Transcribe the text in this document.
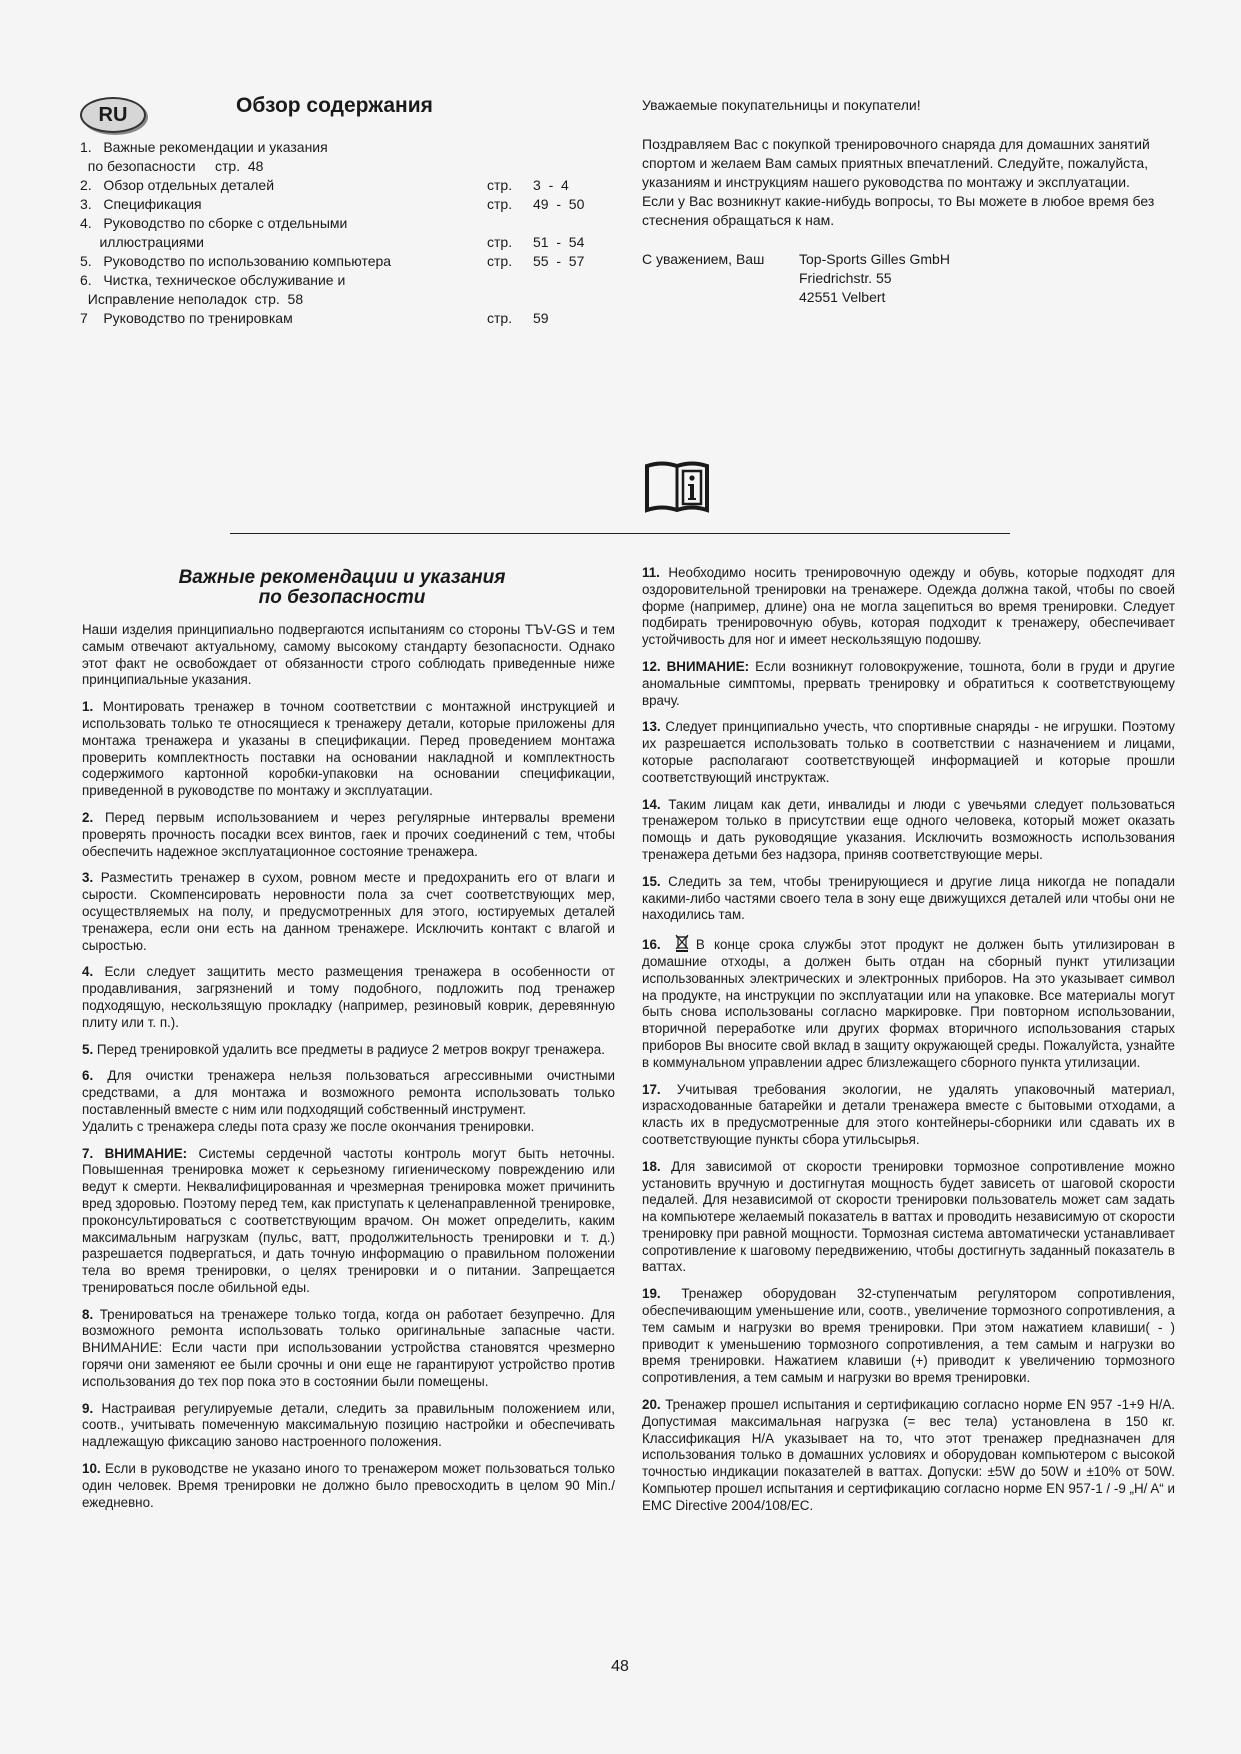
RU	Обзор содержания
1.   Важные рекомендации и указания
по безопасности     стр.  48
2.   Обзор отдельных деталей	стр. 3  -  4
3.   Спецификация	стр. 49  -  50
4.   Руководство по сборке с отдельными
иллюстрациями	стр. 51  -  54
5.   Руководство по использованию компьютера	стр. 55  -  57
6.   Чистка, техническое обслуживание и
Исправление неполадок  стр.  58
7    Руководство по тренировкам	стр. 59

Уважаемые покупательницы и покупатели!

Поздравляем Вас с покупкой тренировочного снаряда для домашних занятий спортом и желаем Вам самых приятных впечатлений. Следуйте, пожалуйста, указаниям и инструкциям нашего руководства по монтажу и эксплуатации. Если у Вас возникнут какие-нибудь вопросы, то Вы можете в любое время без стеснения обращаться к нам.

С уважением, Ваш Top-Sports Gilles GmbH
Friedrichstr. 55
42551 Velbert
Важные рекомендации и указания
по безопасности

Наши изделия принципиально подвергаются испытаниям со стороны TЪV-GS и тем самым отвечают актуальному, самому высокому стандарту безопасности. Однако этот факт не освобождает от обязанности строго соблюдать приведенные ниже принципиальные указания.

1. Монтировать тренажер в точном соответствии с монтажной инструкцией и использовать только те относящиеся к тренажеру детали, которые приложены для монтажа тренажера и указаны в спецификации. Перед проведением монтажа проверить комплектность поставки на основании накладной и комплектность содержимого картонной коробки-упаковки на основании спецификации, приведенной в руководстве по монтажу и эксплуатации.

2. Перед первым использованием и через регулярные интервалы времени проверять прочность посадки всех винтов, гаек и прочих соединений с тем, чтобы обеспечить надежное эксплуатационное состояние тренажера.

3. Разместить тренажер в сухом, ровном месте и предохранить его от влаги и сырости. Скомпенсировать неровности пола за счет соответствующих мер, осуществляемых на полу, и предусмотренных для этого, юстируемых деталей тренажера, если они есть на данном тренажере. Исключить контакт с влагой и сыростью.

4. Если следует защитить место размещения тренажера в особенности от продавливания, загрязнений и тому подобного, подложить под тренажер подходящую, нескользящую прокладку (например, резиновый коврик, деревянную плиту или т. п.).

5. Перед тренировкой удалить все предметы в радиусе 2 метров вокруг тренажера.

6. Для очистки тренажера нельзя пользоваться агрессивными очистными средствами, а для монтажа и возможного ремонта использовать только поставленный вместе с ним или подходящий собственный инструмент.

Удалить с тренажера следы пота сразу же после окончания тренировки.

7. ВНИМАНИЕ: Системы сердечной частоты контроль могут быть неточны. Повышенная тренировка может к серьезному гигиеническому повреждению или ведут к смерти. Неквалифицированная и чрезмерная тренировка может причинить вред здоровью. Поэтому перед тем, как приступать к целенаправленной тренировке, проконсультироваться с соответствующим врачом. Он может определить, каким максимальным нагрузкам (пульс, ватт, продолжительность тренировки и т. д.) разрешается подвергаться, и дать точную информацию о правильном положении тела во время тренировки, о целях тренировки и о питании. Запрещается тренироваться после обильной еды.

8. Тренироваться на тренажере только тогда, когда он работает безупречно. Для возможного ремонта использовать только оригинальные запасные части. ВНИМАНИЕ: Если части при использовании устройства становятся чрезмерно горячи они заменяют ее были срочны и они еще не гарантируют устройство против использования до тех пор пока это в состоянии были помещены.

9. Настраивая регулируемые детали, следить за правильным положением или, соотв., учитывать помеченную максимальную позицию настройки и обеспечивать надлежащую фиксацию заново настроенного положения.

10. Если в руководстве не указано иного то тренажером может пользоваться только один человек. Время тренировки не должно было превосходить в целом 90 Min./ежедневно.

11. Необходимо носить тренировочную одежду и обувь, которые подходят для оздоровительной тренировки на тренажере. Одежда должна такой, чтобы по своей форме (например, длине) она не могла зацепиться во время тренировки. Следует подбирать тренировочную обувь, которая подходит к тренажеру, обеспечивает устойчивость для ног и имеет нескользящую подошву.

12. ВНИМАНИЕ: Если возникнут головокружение, тошнота, боли в груди и другие аномальные симптомы, прервать тренировку и обратиться к соответствующему врачу.

13. Следует принципиально учесть, что спортивные снаряды - не игрушки. Поэтому их разрешается использовать только в соответствии с назначением и лицами, которые располагают соответствующей информацией и которые прошли соответствующий инструктаж.

14. Таким лицам как дети, инвалиды и люди с увечьями следует пользоваться тренажером только в присутствии еще одного человека, который может оказать помощь и дать руководящие указания. Исключить возможность использования тренажера детьми без надзора, приняв соответствующие меры.

15. Следить за тем, чтобы тренирующиеся и другие лица никогда не попадали какими-либо частями своего тела в зону еще движущихся деталей или чтобы они не находились там.

16.	В конце срока службы этот продукт не должен быть утилизирован в домашние отходы, а должен быть отдан на сборный пункт утилизации использованных электрических и электронных приборов. На это указывает символ на продукте, на инструкции по эксплуатации или на упаковке. Все материалы могут быть снова использованы согласно маркировке. При повторном использовании, вторичной переработке или других формах вторичного использования старых приборов Вы вносите свой вклад в защиту окружающей среды. Пожалуйста, узнайте в коммунальном управлении адрес близлежащего сборного пункта утилизации.

17. Учитывая требования экологии, не удалять упаковочный материал, израсходованные батарейки и детали тренажера вместе с бытовыми отходами, а класть их в предусмотренные для этого контейнеры-сборники или сдавать их в соответствующие пункты сбора утильсырья.

18. Для зависимой от скорости тренировки тормозное сопротивление можно установить вручную и достигнутая мощность будет зависеть от шаговой скорости педалей. Для независимой от скорости тренировки пользователь может сам задать на компьютере желаемый показатель в ваттах и проводить независимую от скорости тренировку при равной мощности. Тормозная система автоматически устанавливает сопротивление к шаговому передвижению, чтобы достигнуть заданный показатель в ваттах.

19. Тренажер оборудован 32-ступенчатым регулятором сопротивления, обеспечивающим уменьшение или, соотв., увеличение тормозного сопротивления, а тем самым и нагрузки во время тренировки. При этом нажатием клавиши( - ) приводит к уменьшению тормозного сопротивления, а тем самым и нагрузки во время тренировки. Нажатием клавиши (+) приводит к увеличению тормозного сопротивления, а тем самым и нагрузки во время тренировки.

20. Тренажер прошел испытания и сертификацию согласно норме EN 957 -1+9 H/A. Допустимая максимальная нагрузка (= вес тела) установлена в 150 кг. Классификация H/A указывает на то, что этот тренажер предназначен для использования только в домашних условиях и оборудован компьютером с высокой точностью индикации показателей в ваттах. Допуски: ±5W до 50W и ±10% от 50W. Компьютер прошел испытания и сертификацию согласно норме EN 957-1 / -9 „H/ A“ и EMC Directive 2004/108/EC.

48
